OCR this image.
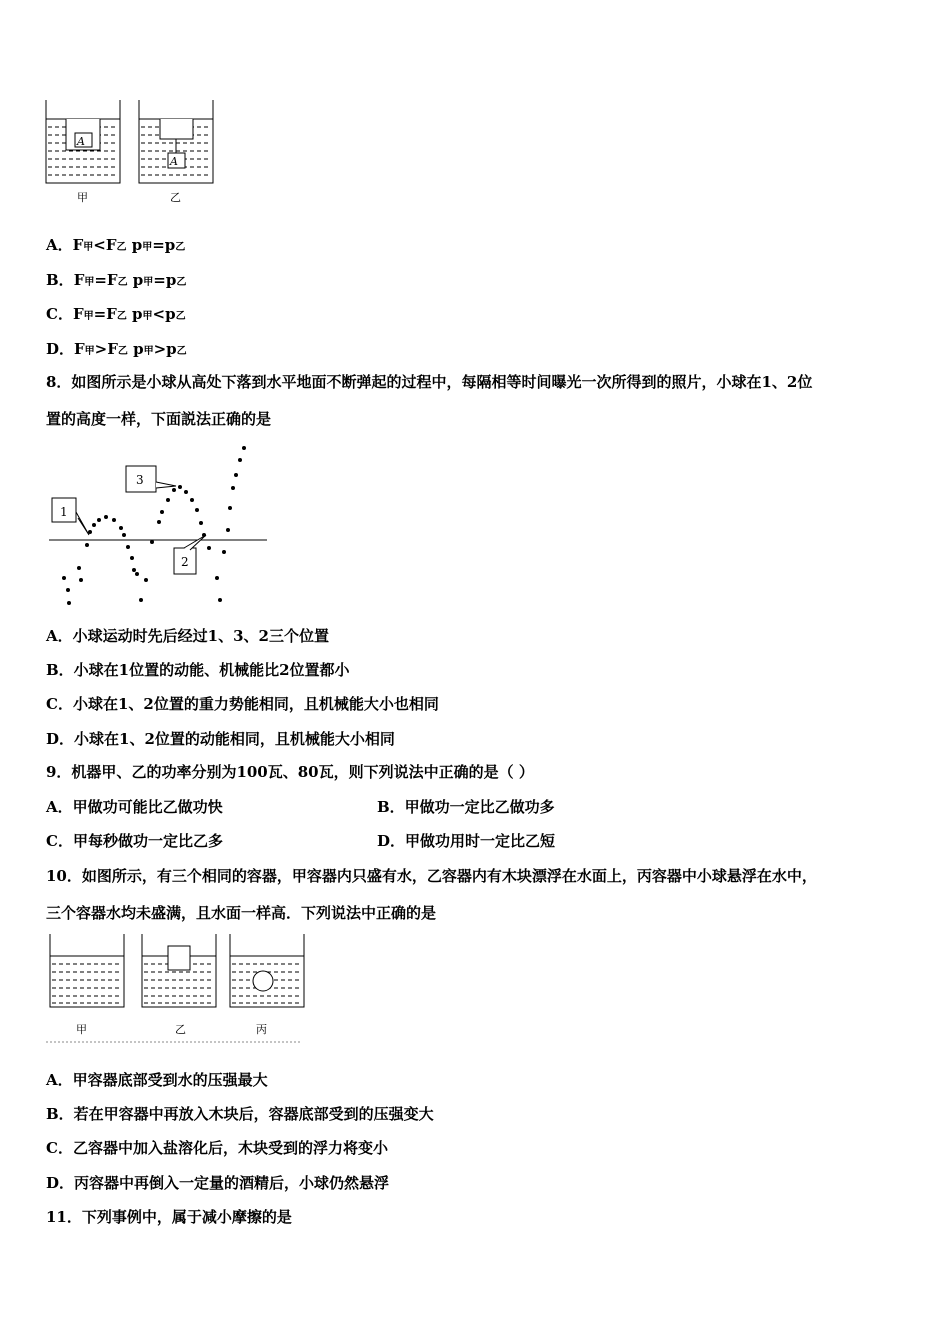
A
A
甲	乙
A．F甲<F乙 p甲=p乙
B．F甲=F乙 p甲=p乙
C．F甲=F乙 p甲<p乙
D．F甲>F乙 p甲>p乙
8．如图所示是小球从高处下落到水平地面不断弹起的过程中，每隔相等时间曝光一次所得到的照片，小球在1、2位
置的高度一样，下面説法正确的是
1
3
2
A．小球运动时先后经过1、3、2三个位置
B．小球在1位置的动能、机械能比2位置都小
C．小球在1、2位置的重力势能相同，且机械能大小也相同
D．小球在1、2位置的动能相同，且机械能大小相同
9．机器甲、乙的功率分别为100瓦、80瓦，则下列说法中正确的是（ ）
A．甲做功可能比乙做功快	B．甲做功一定比乙做功多
C．甲每秒做功一定比乙多	D．甲做功用时一定比乙短
10．如图所示，有三个相同的容器，甲容器内只盛有水，乙容器内有木块漂浮在水面上，丙容器中小球悬浮在水中，
三个容器水均未盛满，且水面一样高．下列说法中正确的是
甲	乙	丙
A．甲容器底部受到水的压强最大
B．若在甲容器中再放入木块后，容器底部受到的压强变大
C．乙容器中加入盐溶化后，木块受到的浮力将变小
D．丙容器中再倒入一定量的酒精后，小球仍然悬浮
11．下列事例中，属于减小摩擦的是
